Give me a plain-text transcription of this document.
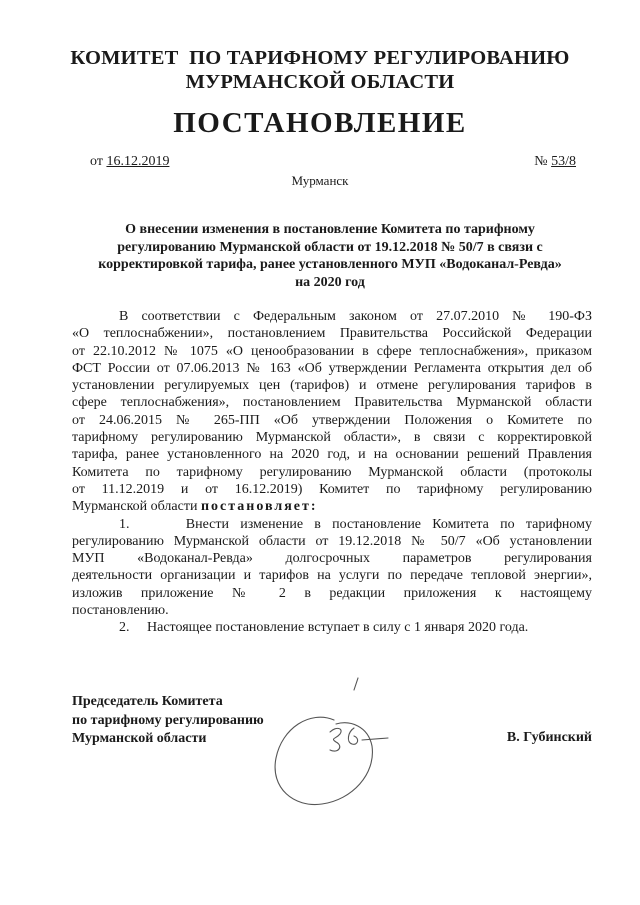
КОМИТЕТ  ПО ТАРИФНОМУ РЕГУЛИРОВАНИЮ
МУРМАНСКОЙ ОБЛАСТИ
ПОСТАНОВЛЕНИЕ
от 16.12.2019	№ 53/8
Мурманск
О внесении изменения в постановление Комитета по тарифному
регулированию Мурманской области от 19.12.2018 № 50/7 в связи с
корректировкой тарифа, ранее установленного МУП «Водоканал-Ревда»
на 2020 год

В соответствии с Федеральным законом от 27.07.2010 № 190-ФЗ

«О теплоснабжении», постановлением Правительства Российской Федерации

от 22.10.2012 № 1075 «О ценообразовании в сфере теплоснабжения», приказом

ФСТ России от 07.06.2013 № 163 «Об утверждении Регламента открытия дел об

установлении регулируемых цен (тарифов) и отмене регулирования тарифов в

сфере теплоснабжения», постановлением Правительства Мурманской области

от 24.06.2015 № 265-ПП «Об утверждении Положения о Комитете по

тарифному регулированию Мурманской области», в связи с корректировкой

тарифа, ранее установленного на 2020 год, и на основании решений Правления

Комитета по тарифному регулированию Мурманской области (протоколы

от 11.12.2019 и от 16.12.2019) Комитет по тарифному регулированию

Мурманской области постановляет:

1.     Внести изменение в постановление Комитета по тарифному

регулированию Мурманской области от 19.12.2018 № 50/7 «Об установлении

МУП «Водоканал-Ревда» долгосрочных параметров регулирования

деятельности организации и тарифов на услуги по передаче тепловой энергии»,

изложив приложение № 2 в редакции приложения к настоящему

постановлению.

2.     Настоящее постановление вступает в силу с 1 января 2020 года.

Председатель Комитета
по тарифному регулированию
Мурманской области	В. Губинский
